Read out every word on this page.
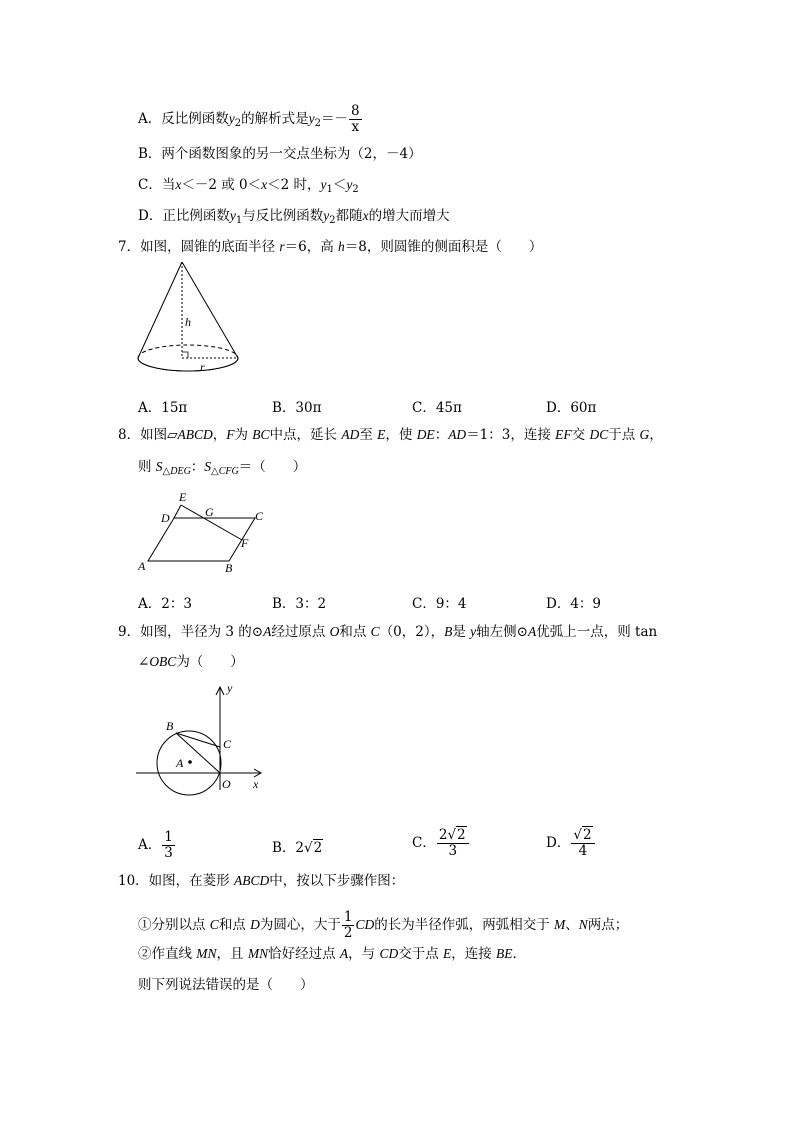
A．反比例函数$y_2$的解析式是$y_2=- \frac{8}{x}$
B．两个函数图象的另一交点坐标为（2，－4）
C．当x＜－2 或 0＜x＜2 时，$y_1<y_2$
D．正比例函数$y_1$与反比例函数$y_2$都随x的增大而增大
7．如图，圆锥的底面半径 r＝6，高 h＝8，则圆锥的侧面积是（　　）
h
r
A．15π	B．30π	C．45π	D．60π
8．如图▱ABCD，F为 BC中点，延长 AD至 E，使 DE：AD＝1：3，连接 EF交 DC于点 G，
则 $S_{\triangle DEG}$：$S_{\triangle CFG}=$（　　）
E
D	G	C
F
A	B
A．2：3	B．3：2	C．9：4	D．4：9
9．如图，半径为 3 的⊙A经过原点 O和点 C（0，2），B是 y轴左侧⊙A优弧上一点，则 tan
∠OBC为（　　）
y
B
C
A
O x
A． $\frac{1}{3}$	B．2√2	C． $\frac{2√2}{3}$	D． $\frac{√2}{4}$
10．如图，在菱形 ABCD中，按以下步骤作图：
①分别以点 C和点 D为圆心，大于 $\frac{1}{2}$ CD的长为半径作弧，两弧相交于 M、N两点；
②作直线 MN，且 MN恰好经过点 A，与 CD交于点 E，连接 BE．
则下列说法错误的是（　　）
